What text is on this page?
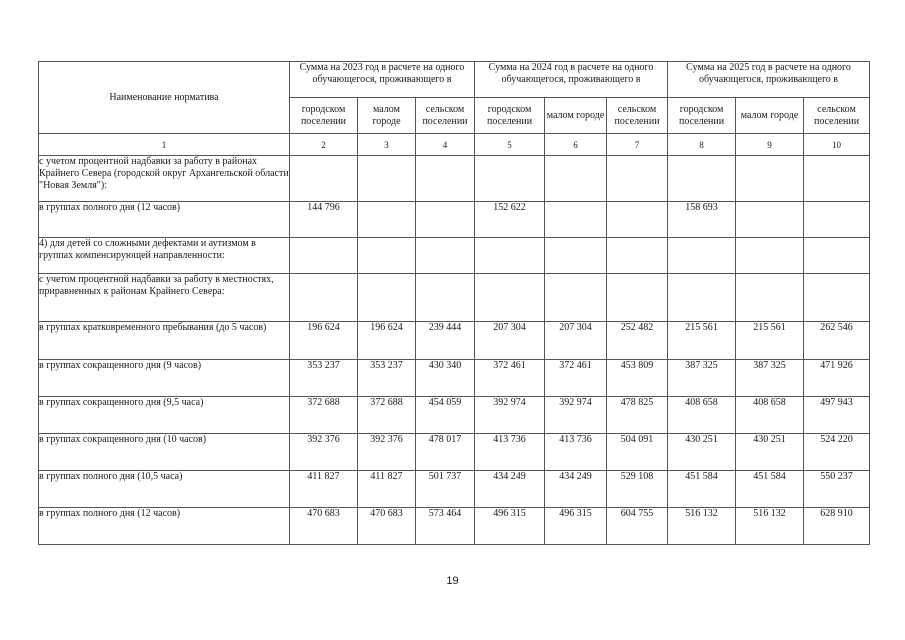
Наименование норматива	Сумма на 2023 год в расчете на одного обучающегося, проживающего в			Сумма на 2024 год в расчете на одного обучающегося, проживающего в			Сумма на 2025 год в расчете на одного обучающегося, проживающего в		
	городском поселении	малом городе	сельском поселении	городском поселении	малом городе	сельском поселении	городском поселении	малом городе	сельском поселении
1	2	3	4	5	6	7	8	9	10
с учетом процентной надбавки за работу в районах Крайнего Севера (городской округ Архангельской области "Новая Земля"):									
в группах полного дня (12 часов)	144 796			152 622			158 693		
4) для детей со сложными дефектами и аутизмом в группах компенсирующей направленности:									
с учетом процентной надбавки за работу в местностях, приравненных к районам Крайнего Севера:									
в группах кратковременного пребывания (до 5 часов)	196 624	196 624	239 444	207 304	207 304	252 482	215 561	215 561	262 546
в группах сокращенного дня (9 часов)	353 237	353 237	430 340	372 461	372 461	453 809	387 325	387 325	471 926
в группах сокращенного дня (9,5 часа)	372 688	372 688	454 059	392 974	392 974	478 825	408 658	408 658	497 943
в группах сокращенного дня (10 часов)	392 376	392 376	478 017	413 736	413 736	504 091	430 251	430 251	524 220
в группах полного дня (10,5 часа)	411 827	411 827	501 737	434 249	434 249	529 108	451 584	451 584	550 237
в группах полного дня (12 часов)	470 683	470 683	573 464	496 315	496 315	604 755	516 132	516 132	628 910
19
